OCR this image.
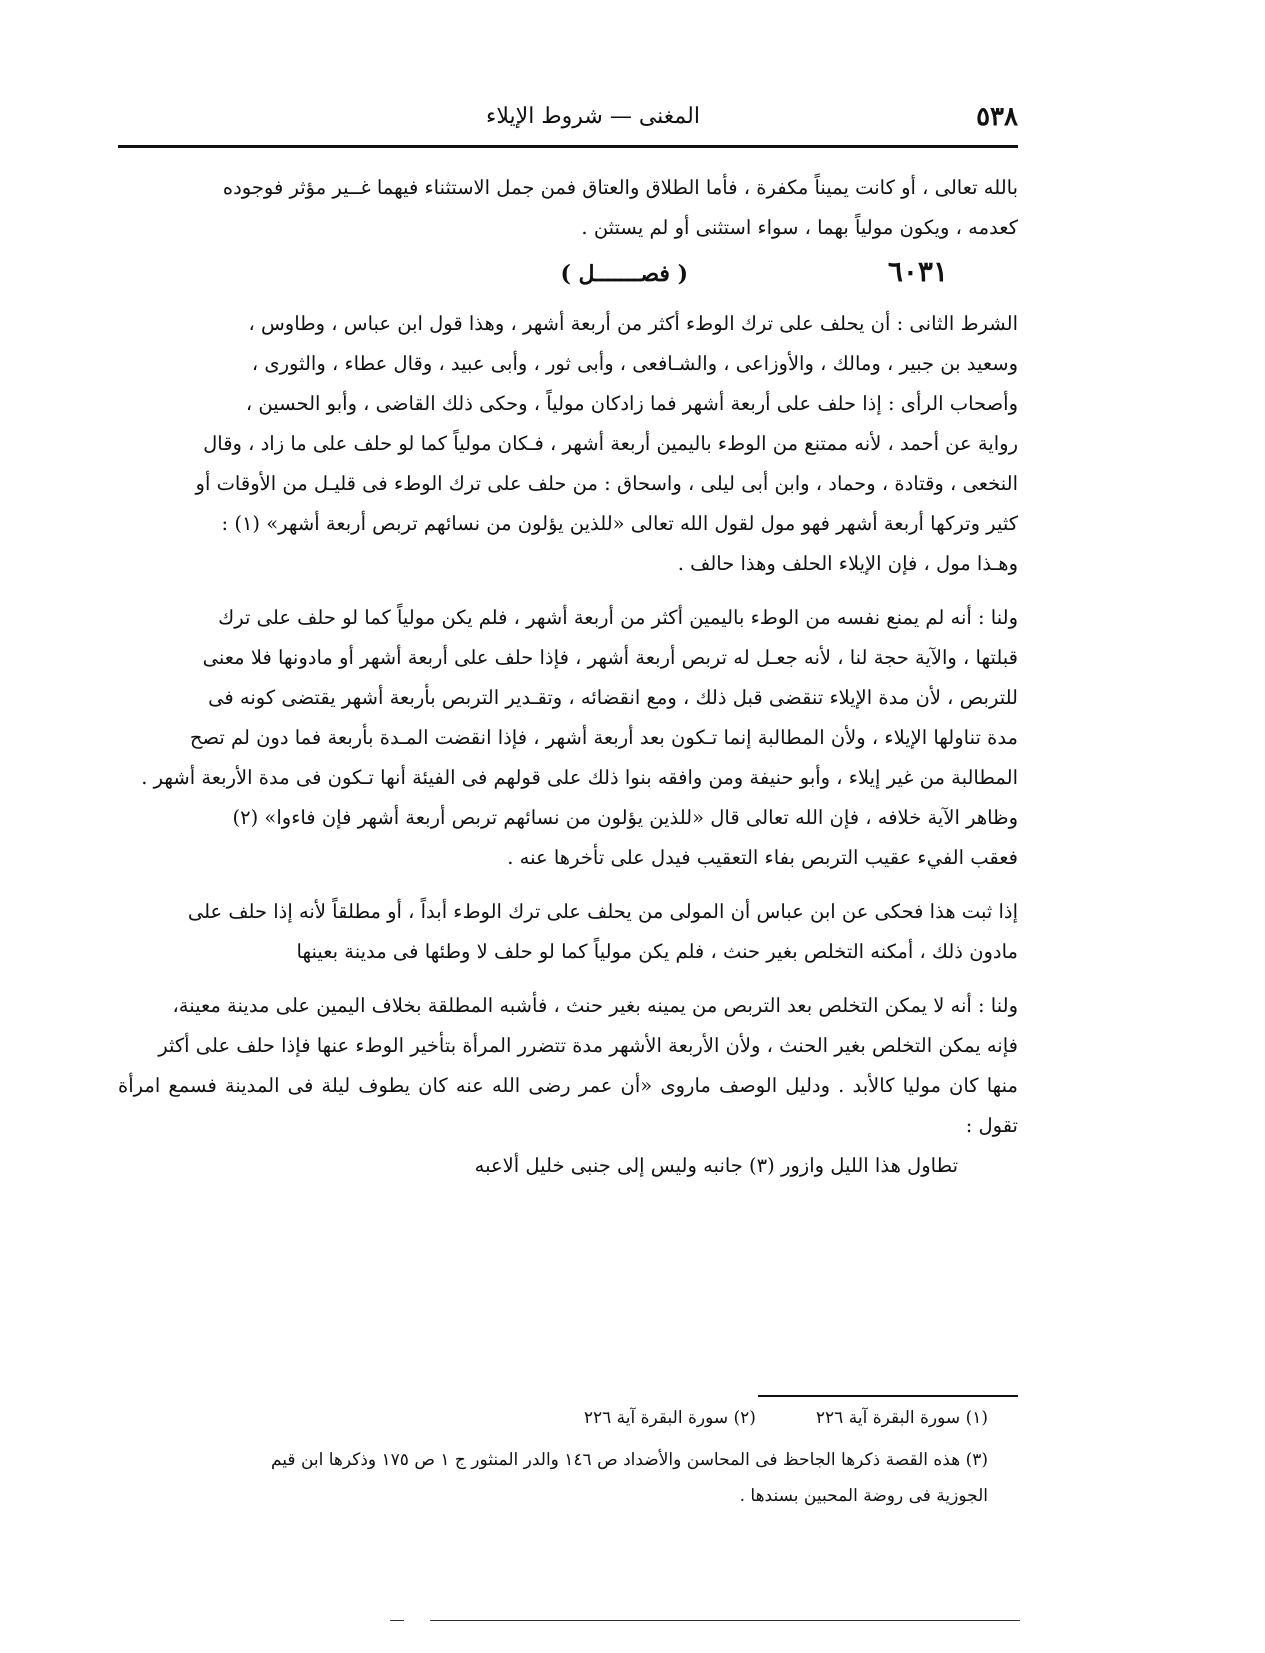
٥٣٨
المغنى — شروط الإيلاء

بالله تعالى ، أو كانت يميناً مكفرة ، فأما الطلاق والعتاق فمن جمل الاستثناء فيهما غــير مؤثر فوجوده
كعدمه ، ويكون مولياً بهما ، سواء استثنى أو لم يستثن .

٦٠٣١
( فصـــــــل )

الشرط الثانى : أن يحلف على ترك الوطء أكثر من أربعة أشهر ، وهذا قول ابن عباس ، وطاوس ،
وسعيد بن جبير ، ومالك ، والأوزاعى ، والشـافعى ، وأبى ثور ، وأبى عبيد ، وقال عطاء ، والثورى ،
وأصحاب الرأى : إذا حلف على أربعة أشهر فما زادكان مولياً ، وحكى ذلك القاضى ، وأبو الحسين ،
رواية عن أحمد ، لأنه ممتنع من الوطء باليمين أربعة أشهر ، فـكان مولياً كما لو حلف على ما زاد ، وقال
النخعى ، وقتادة ، وحماد ، وابن أبى ليلى ، واسحاق : من حلف على ترك الوطء فى قليـل من الأوقات أو
كثير وتركها أربعة أشهر فهو مول لقول الله تعالى «للذين يؤلون من نسائهم تربص أربعة أشهر» (١) :
وهـذا مول ، فإن الإيلاء الحلف وهذا حالف .

ولنا : أنه لم يمنع نفسه من الوطء باليمين أكثر من أربعة أشهر ، فلم يكن مولياً كما لو حلف على ترك
قبلتها ، والآية حجة لنا ، لأنه جعـل له تربص أربعة أشهر ، فإذا حلف على أربعة أشهر أو مادونها فلا معنى
للتربص ، لأن مدة الإيلاء تنقضى قبل ذلك ، ومع انقضائه ، وتقـدير التربص بأربعة أشهر يقتضى كونه فى
مدة تناولها الإيلاء ، ولأن المطالبة إنما تـكون بعد أربعة أشهر ، فإذا انقضت المـدة بأربعة فما دون لم تصح
المطالبة من غير إيلاء ، وأبو حنيفة ومن وافقه بنوا ذلك على قولهم فى الفيئة أنها تـكون فى مدة الأربعة أشهر .
وظاهر الآية خلافه ، فإن الله تعالى قال «للذين يؤلون من نسائهم تربص أربعة أشهر فإن فاءوا» (٢)
فعقب الفيء عقيب التربص بفاء التعقيب فيدل على تأخرها عنه .

إذا ثبت هذا فحكى عن ابن عباس أن المولى من يحلف على ترك الوطء أبداً ، أو مطلقاً لأنه إذا حلف على
مادون ذلك ، أمكنه التخلص بغير حنث ، فلم يكن مولياً كما لو حلف لا وطئها فى مدينة بعينها

ولنا : أنه لا يمكن التخلص بعد التربص من يمينه بغير حنث ، فأشبه المطلقة بخلاف اليمين على مدينة معينة،
فإنه يمكن التخلص بغير الحنث ، ولأن الأربعة الأشهر مدة تتضرر المرأة بتأخير الوطء عنها فإذا حلف على أكثر
منها كان موليا كالأبد . ودليل الوصف ماروى «أن عمر رضى الله عنه كان يطوف ليلة فى المدينة فسمع امرأة تقول :

تطاول هذا الليل وازور (٣) جانبه وليس إلى جنبى خليل ألاعبه

(١) سورة البقرة آية ٢٢٦
(٢) سورة البقرة آية ٢٢٦
(٣) هذه القصة ذكرها الجاحظ فى المحاسن والأضداد ص ١٤٦ والدر المنثور ج ١ ص ١٧٥ وذكرها ابن قيم
الجوزية فى روضة المحبين بسندها .
